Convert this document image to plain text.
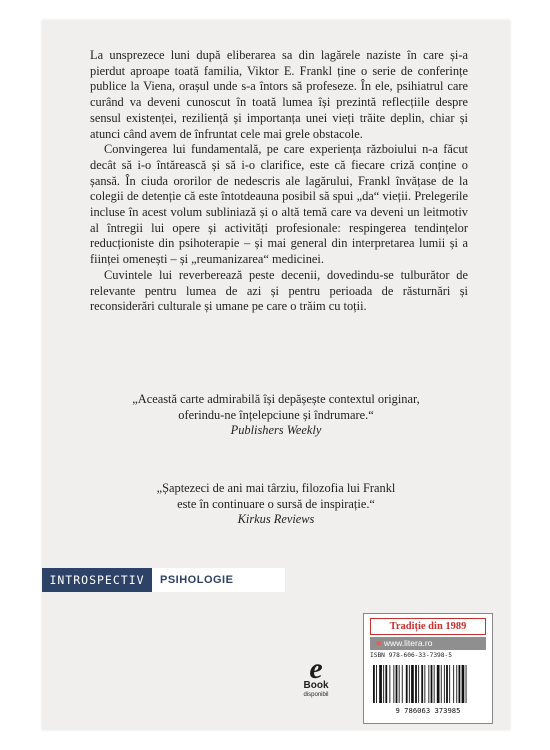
La unsprezece luni după eliberarea sa din lagărele naziste în care și-a pierdut aproape toată familia, Viktor E. Frankl ține o serie de conferințe publice la Viena, orașul unde s-a întors să profeseze. În ele, psihiatrul care curând va deveni cunoscut în toată lumea își prezintă reflecțiile despre sensul existenței, reziliență și importanța unei vieți trăite deplin, chiar și atunci când avem de înfruntat cele mai grele obstacole.

Convingerea lui fundamentală, pe care experiența războiului n-a făcut decât să i-o întărească și să i-o clarifice, este că fiecare criză conține o șansă. În ciuda ororilor de nedescris ale lagărului, Frankl învățase de la colegii de detenție că este întotdeauna posibil să spui „da“ vieții. Prelegerile incluse în acest volum subliniază și o altă temă care va deveni un leitmotiv al întregii lui opere și activități profesionale: respingerea tendințelor reducționiste din psihoterapie – și mai general din interpretarea lumii și a ființei omenești – și „reumanizarea“ medicinei.

Cuvintele lui reverberează peste decenii, dovedindu-se tulburător de relevante pentru lumea de azi și pentru perioada de răsturnări și reconsiderări culturale și umane pe care o trăim cu toții.

„Această carte admirabilă își depășește contextul originar,
oferindu-ne înțelepciune și îndrumare.“
Publishers Weekly
„Șaptezeci de ani mai târziu, filozofia lui Frankl
este în continuare o sursă de inspirație.“
Kirkus Reviews
INTROSPECTIV	PSIHOLOGIE
e
Book
disponibil
Tradiție din 1989
■ www.litera.ro
ISBN 978-606-33-7398-5
9 786063 373985
